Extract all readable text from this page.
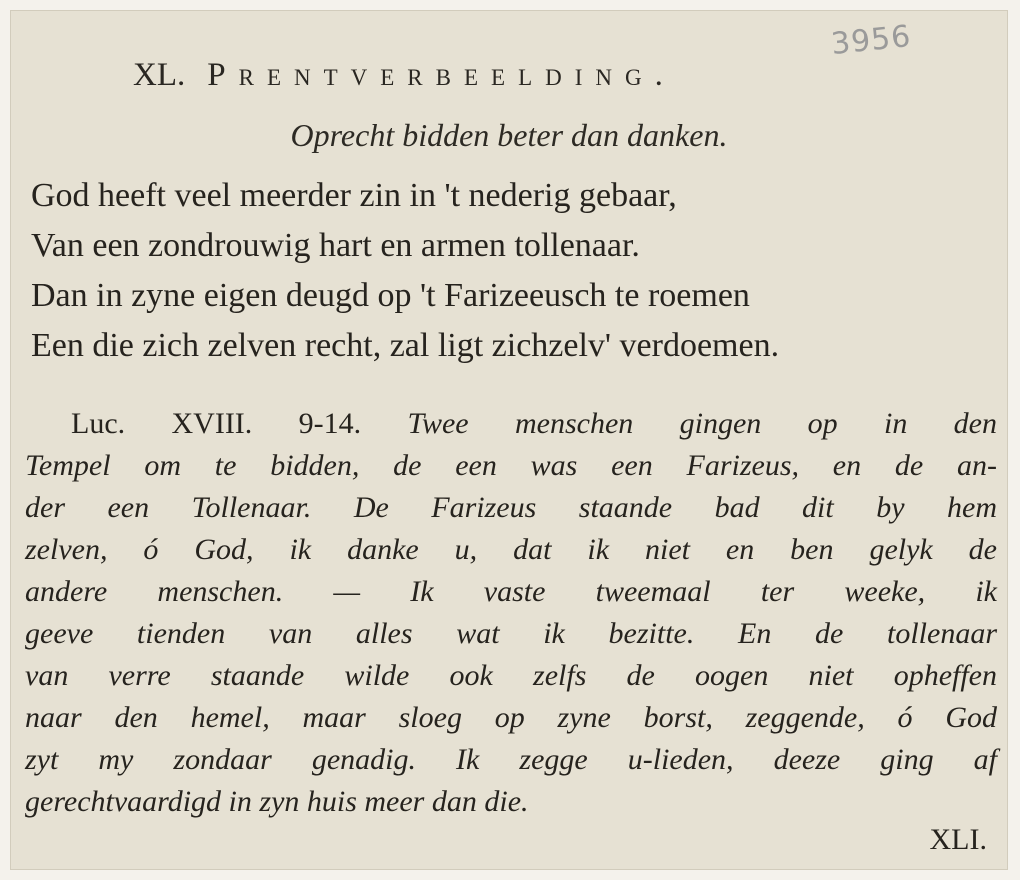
3956
XL. Prentverbeelding.
Oprecht bidden beter dan danken.
God heeft veel meerder zin in 't nederig gebaar,
Van een zondrouwig hart en armen tollenaar.
Dan in zyne eigen deugd op 't Farizeeusch te roemen
Een die zich zelven recht, zal ligt zichzelv' verdoemen.
Luc. XVIII. 9-14. Twee menschen gingen op in den
Tempel om te bidden, de een was een Farizeus, en de an-
der een Tollenaar. De Farizeus staande bad dit by hem
zelven, ó God, ik danke u, dat ik niet en ben gelyk de
andere menschen. — Ik vaste tweemaal ter weeke, ik
geeve tienden van alles wat ik bezitte. En de tollenaar
van verre staande wilde ook zelfs de oogen niet opheffen
naar den hemel, maar sloeg op zyne borst, zeggende, ó God
zyt my zondaar genadig. Ik zegge u-lieden, deeze ging af
gerechtvaardigd in zyn huis meer dan die.
XLI.
